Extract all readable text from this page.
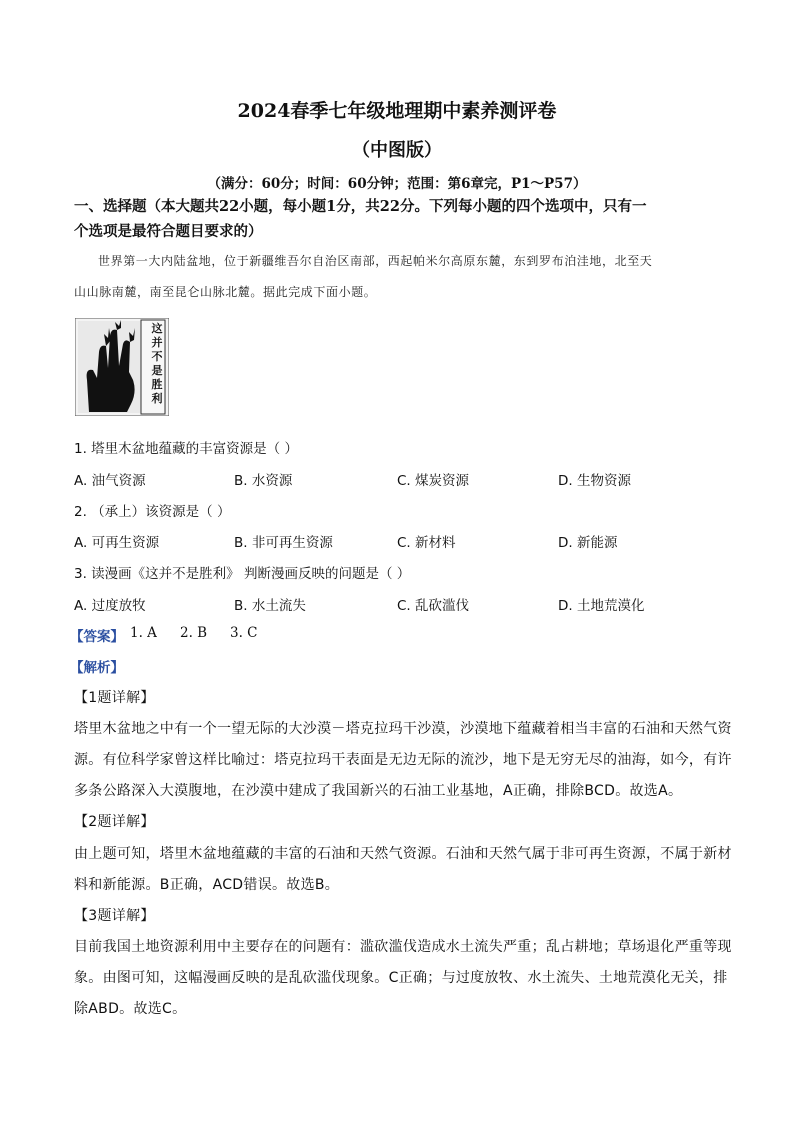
2024春季七年级地理期中素养测评卷
（中图版）
（满分：60分；时间：60分钟；范围：第6章完，P1～P57）
一、选择题（本大题共22小题，每小题1分，共22分。下列每小题的四个选项中，只有一
个选项是最符合题目要求的）
世界第一大内陆盆地，位于新疆维吾尔自治区南部，西起帕米尔高原东麓，东到罗布泊洼地，北至天
山山脉南麓，南至昆仑山脉北麓。据此完成下面小题。
这
并
不
是
胜
利
1. 塔里木盆地蕴藏的丰富资源是（ ）
A. 油气资源	B. 水资源	C. 煤炭资源	D. 生物资源
2. （承上）该资源是（ ）
A. 可再生资源	B. 非可再生资源	C. 新材料	D. 新能源
3. 读漫画《这并不是胜利》 判断漫画反映的问题是（ ）
A. 过度放牧	B. 水土流失	C. 乱砍滥伐	D. 土地荒漠化
【答案】 1. A 2. B 3. C
【解析】
【1题详解】
塔里木盆地之中有一个一望无际的大沙漠－塔克拉玛干沙漠，沙漠地下蕴藏着相当丰富的石油和天然气资
源。有位科学家曾这样比喻过：塔克拉玛干表面是无边无际的流沙，地下是无穷无尽的油海，如今，有许
多条公路深入大漠腹地，在沙漠中建成了我国新兴的石油工业基地，A正确，排除BCD。故选A。
【2题详解】
由上题可知，塔里木盆地蕴藏的丰富的石油和天然气资源。石油和天然气属于非可再生资源，不属于新材
料和新能源。B正确，ACD错误。故选B。
【3题详解】
目前我国土地资源利用中主要存在的问题有：滥砍滥伐造成水土流失严重；乱占耕地；草场退化严重等现
象。由图可知，这幅漫画反映的是乱砍滥伐现象。C正确；与过度放牧、水土流失、土地荒漠化无关，排
除ABD。故选C。
